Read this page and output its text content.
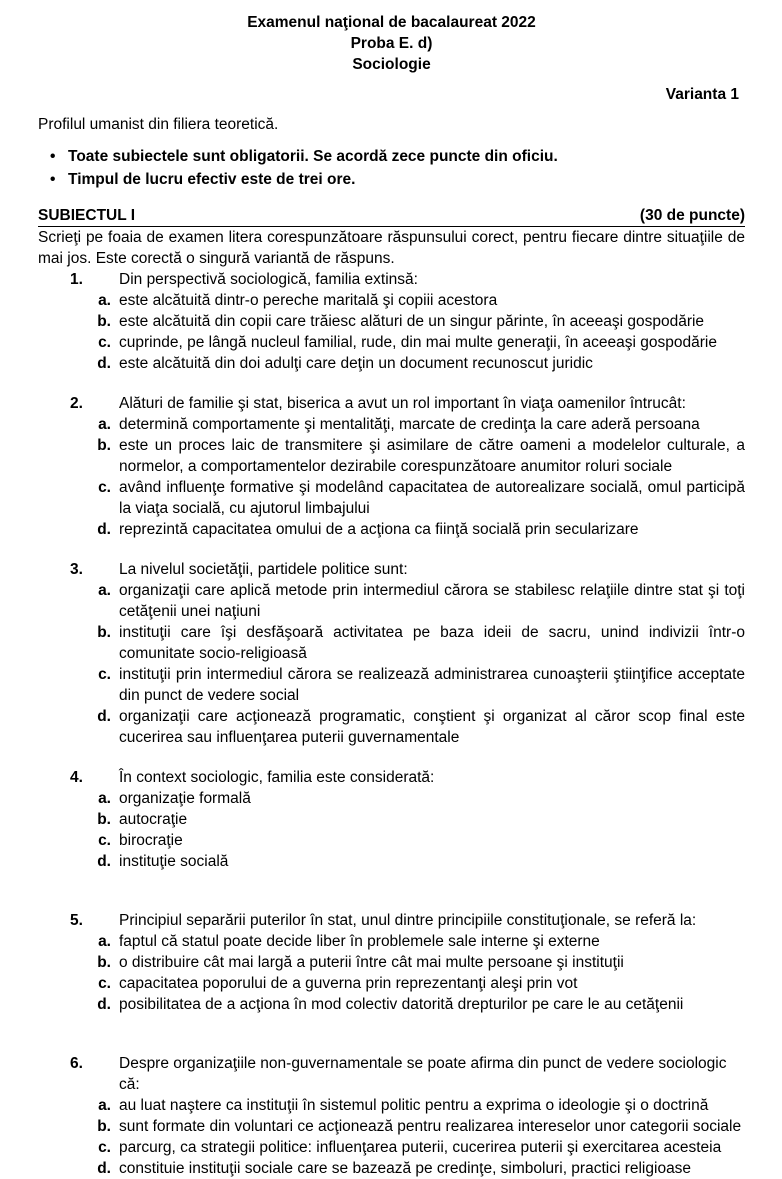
Examenul naţional de bacalaureat 2022
Proba E. d)
Sociologie
Varianta 1
Profilul umanist din filiera teoretică.
• Toate subiectele sunt obligatorii. Se acordă zece puncte din oficiu.
• Timpul de lucru efectiv este de trei ore.
SUBIECTUL I	(30 de puncte)
Scrieţi pe foaia de examen litera corespunzătoare răspunsului corect, pentru fiecare dintre situaţiile de mai jos. Este corectă o singură variantă de răspuns.
1. Din perspectivă sociologică, familia extinsă:
a. este alcătuită dintr-o pereche maritală şi copiii acestora
b. este alcătuită din copii care trăiesc alături de un singur părinte, în aceeaşi gospodărie
c. cuprinde, pe lângă nucleul familial, rude, din mai multe generaţii, în aceeaşi gospodărie
d. este alcătuită din doi adulţi care deţin un document recunoscut juridic
2. Alături de familie şi stat, biserica a avut un rol important în viaţa oamenilor întrucât:
a. determină comportamente şi mentalităţi, marcate de credinţa la care aderă persoana
b. este un proces laic de transmitere şi asimilare de către oameni a modelelor culturale, a normelor, a comportamentelor dezirabile corespunzătoare anumitor roluri sociale
c. având influenţe formative şi modelând capacitatea de autorealizare socială, omul participă la viaţa socială, cu ajutorul limbajului
d. reprezintă capacitatea omului de a acţiona ca fiinţă socială prin secularizare
3. La nivelul societăţii, partidele politice sunt:
a. organizaţii care aplică metode prin intermediul cărora se stabilesc relaţiile dintre stat şi toţi cetăţenii unei naţiuni
b. instituţii care îşi desfăşoară activitatea pe baza ideii de sacru, unind indivizii într-o comunitate socio-religioasă
c. instituţii prin intermediul cărora se realizează administrarea cunoaşterii ştiinţifice acceptate din punct de vedere social
d. organizaţii care acţionează programatic, conştient şi organizat al căror scop final este cucerirea sau influenţarea puterii guvernamentale
4. În context sociologic, familia este considerată:
a. organizaţie formală
b. autocraţie
c. birocraţie
d. instituţie socială
5. Principiul separării puterilor în stat, unul dintre principiile constituţionale, se referă la:
a. faptul că statul poate decide liber în problemele sale interne şi externe
b. o distribuire cât mai largă a puterii între cât mai multe persoane şi instituţii
c. capacitatea poporului de a guverna prin reprezentanţi aleşi prin vot
d. posibilitatea de a acţiona în mod colectiv datorită drepturilor pe care le au cetăţenii
6. Despre organizaţiile non-guvernamentale se poate afirma din punct de vedere sociologic că:
a. au luat naştere ca instituţii în sistemul politic pentru a exprima o ideologie şi o doctrină
b. sunt formate din voluntari ce acţionează pentru realizarea intereselor unor categorii sociale
c. parcurg, ca strategii politice: influenţarea puterii, cucerirea puterii şi exercitarea acesteia
d. constituie instituţii sociale care se bazează pe credinţe, simboluri, practici religioase
